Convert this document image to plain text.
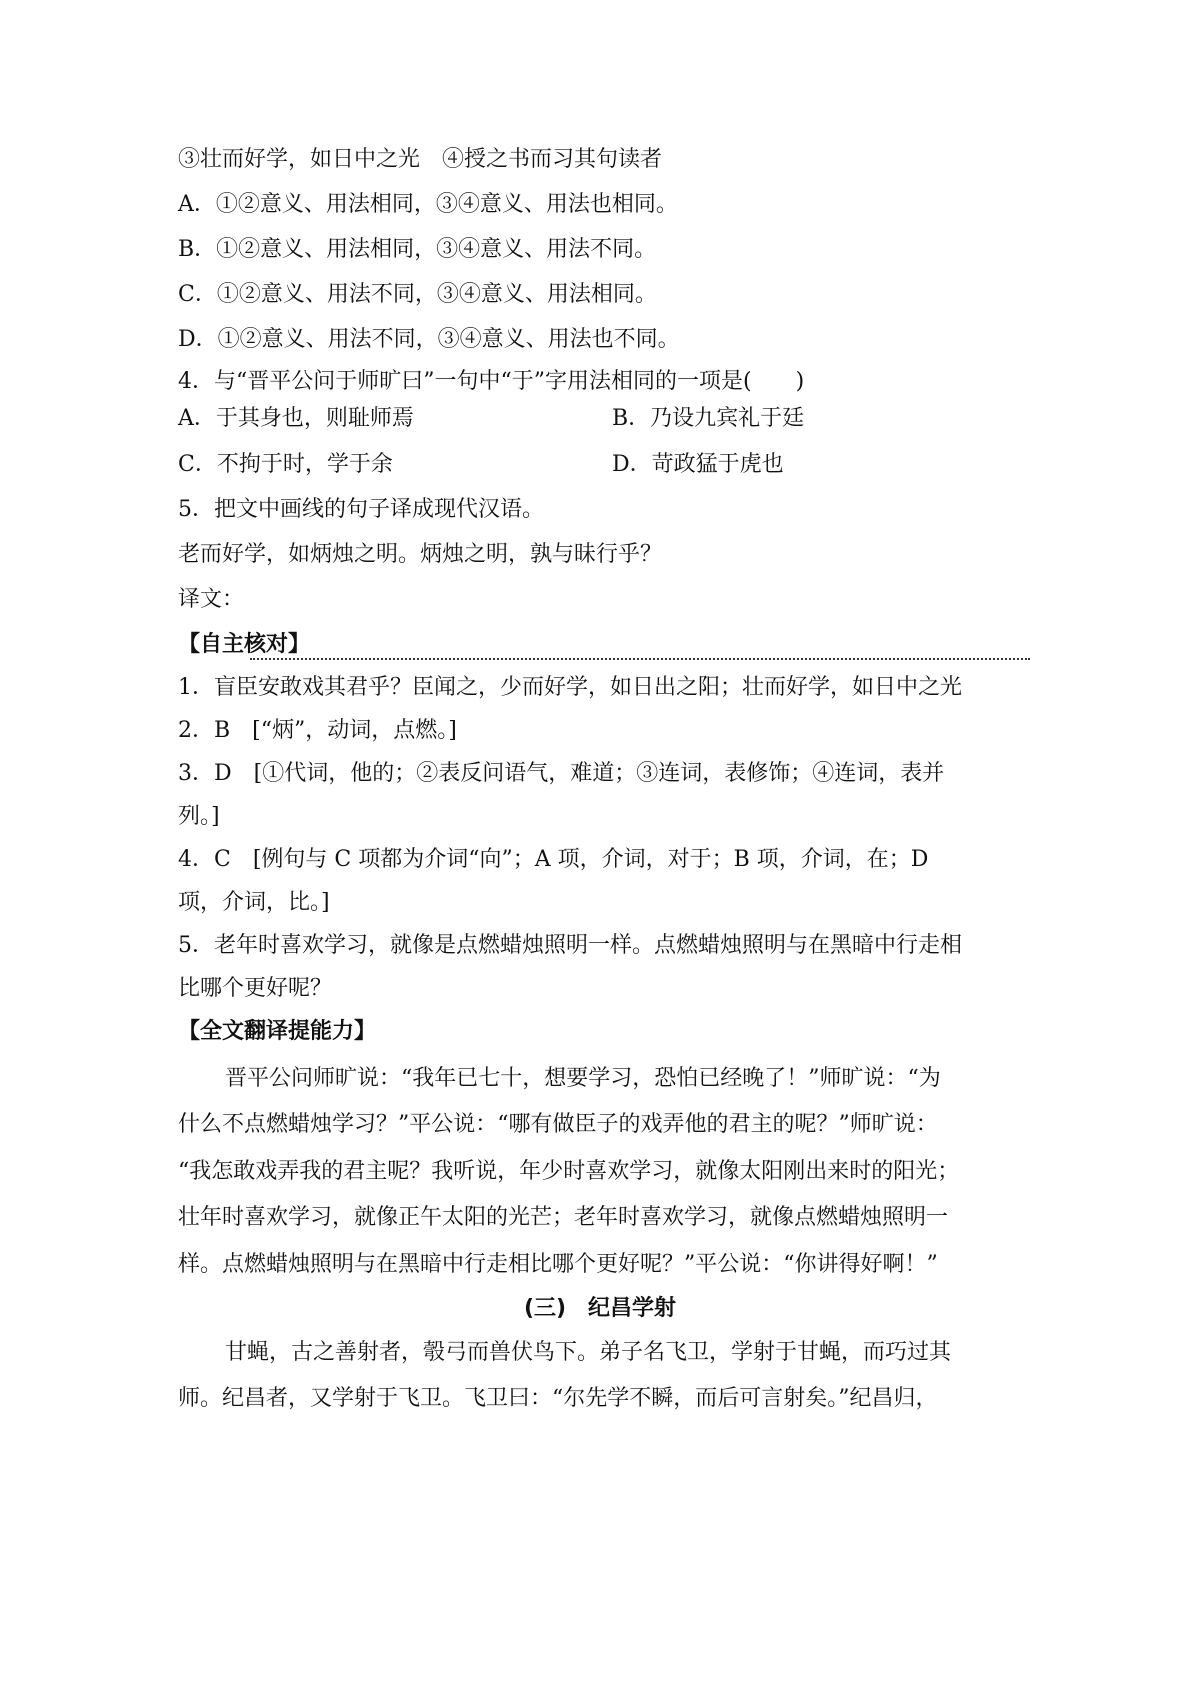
③壮而好学，如日中之光　④授之书而习其句读者
A．①②意义、用法相同，③④意义、用法也相同。
B．①②意义、用法相同，③④意义、用法不同。
C．①②意义、用法不同，③④意义、用法相同。
D．①②意义、用法不同，③④意义、用法也不同。
4．与“晋平公问于师旷曰”一句中“于”字用法相同的一项是(　　)
A．于其身也，则耻师焉	B．乃设九宾礼于廷
C．不拘于时，学于余	D．苛政猛于虎也
5．把文中画线的句子译成现代汉语。
老而好学，如炳烛之明。炳烛之明，孰与昧行乎？
译文：
【自主核对】
1．盲臣安敢戏其君乎？臣闻之，少而好学，如日出之阳；壮而好学，如日中之光
2．B　[“炳”，动词，点燃。]
3．D　[①代词，他的；②表反问语气，难道；③连词，表修饰；④连词，表并
列。]
4．C　[例句与 C 项都为介词“向”；A 项，介词，对于；B 项，介词，在；D
项，介词，比。]
5．老年时喜欢学习，就像是点燃蜡烛照明一样。点燃蜡烛照明与在黑暗中行走相
比哪个更好呢？
【全文翻译提能力】
晋平公问师旷说：“我年已七十，想要学习，恐怕已经晚了！”师旷说：“为
什么不点燃蜡烛学习？”平公说：“哪有做臣子的戏弄他的君主的呢？”师旷说：
“我怎敢戏弄我的君主呢？我听说，年少时喜欢学习，就像太阳刚出来时的阳光；
壮年时喜欢学习，就像正午太阳的光芒；老年时喜欢学习，就像点燃蜡烛照明一
样。点燃蜡烛照明与在黑暗中行走相比哪个更好呢？”平公说：“你讲得好啊！”
(三)　纪昌学射
甘蝇，古之善射者，彀弓而兽伏鸟下。弟子名飞卫，学射于甘蝇，而巧过其
师。纪昌者，又学射于飞卫。飞卫曰：“尔先学不瞬，而后可言射矣。”纪昌归，
